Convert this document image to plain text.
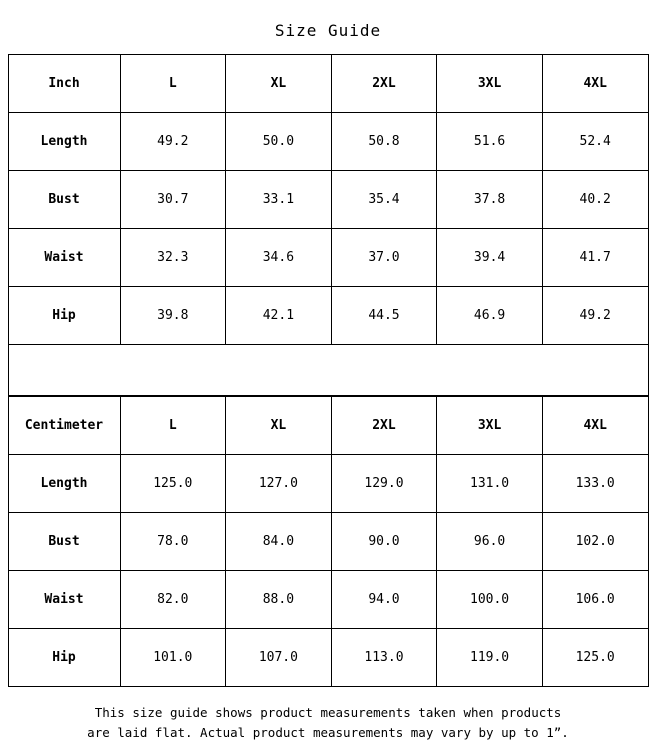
Size Guide
Inch	L	XL	2XL	3XL	4XL
Length	49.2	50.0	50.8	51.6	52.4
Bust	30.7	33.1	35.4	37.8	40.2
Waist	32.3	34.6	37.0	39.4	41.7
Hip	39.8	42.1	44.5	46.9	49.2
Centimeter	L	XL	2XL	3XL	4XL
Length	125.0	127.0	129.0	131.0	133.0
Bust	78.0	84.0	90.0	96.0	102.0
Waist	82.0	88.0	94.0	100.0	106.0
Hip	101.0	107.0	113.0	119.0	125.0
This size guide shows product measurements taken when products
are laid flat. Actual product measurements may vary by up to 1”.
